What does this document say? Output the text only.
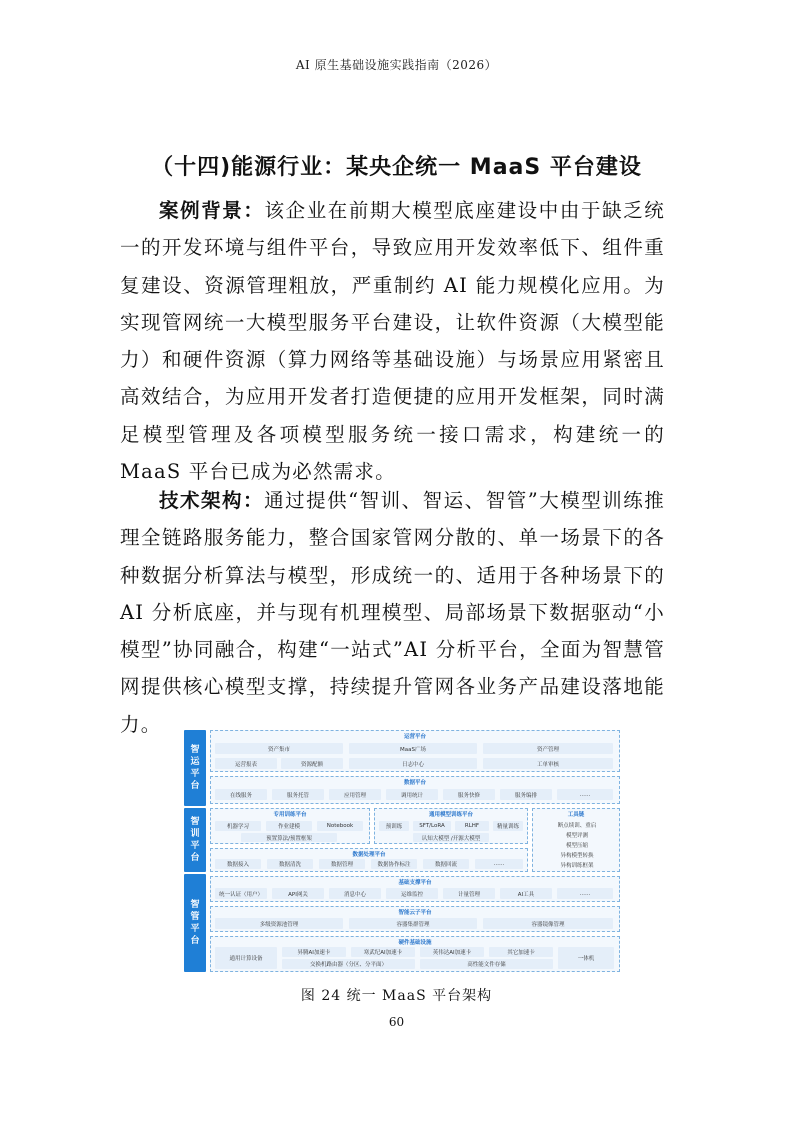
AI 原生基础设施实践指南（2026）
（十四)能源行业：某央企统一 MaaS 平台建设

案例背景：该企业在前期大模型底座建设中由于缺乏统一的开发环境与组件平台，导致应用开发效率低下、组件重复建设、资源管理粗放，严重制约 AI 能力规模化应用。为实现管网统一大模型服务平台建设，让软件资源（大模型能力）和硬件资源（算力网络等基础设施）与场景应用紧密且高效结合，为应用开发者打造便捷的应用开发框架，同时满足模型管理及各项模型服务统一接口需求，构建统一的 MaaS 平台已成为必然需求。

技术架构：通过提供“智训、智运、智管”大模型训练推理全链路服务能力，整合国家管网分散的、单一场景下的各种数据分析算法与模型，形成统一的、适用于各种场景下的 AI 分析底座，并与现有机理模型、局部场景下数据驱动“小模型”协同融合，构建“一站式”AI 分析平台，全面为智慧管网提供核心模型支撑，持续提升管网各业务产品建设落地能力。

智
运
平
台
智
训
平
台
智
管
平
台
运营平台
资产集市	MaaS广场	资产管理
运营报表	资源配额	日志中心	工单审核
数据平台
在线服务	服务托管	应用管理	调用统计	服务快修	服务编排	……
专用训练平台
机器学习	作业建模	Notebook
预置算法/预置框架
通用模型训练平台
预训练	SFT/LoRA	RLHF	精量训练
认知大模型 /开源大模型
数据处理平台
数据接入	数据清洗	数据管理	数据协作标注	数据回流	……
工具链
断点续训、重启
模型评测
模型压缩
异构模型转换
异构训练框架
基础支撑平台
统一认证（用户）	API网关	消息中心	运维监控	计量管理	AI工具	……
智能云子平台
多级资源池管理	容器集群管理	容器镜像管理
硬件基础设施
通用计算设备
昇腾AI加速卡	寒武纪AI加速卡	英伟达AI加速卡	其它加速卡
一体机
交换机路由器（分区、分平面）	高性能文件存储
图 24 统一 MaaS 平台架构
60
